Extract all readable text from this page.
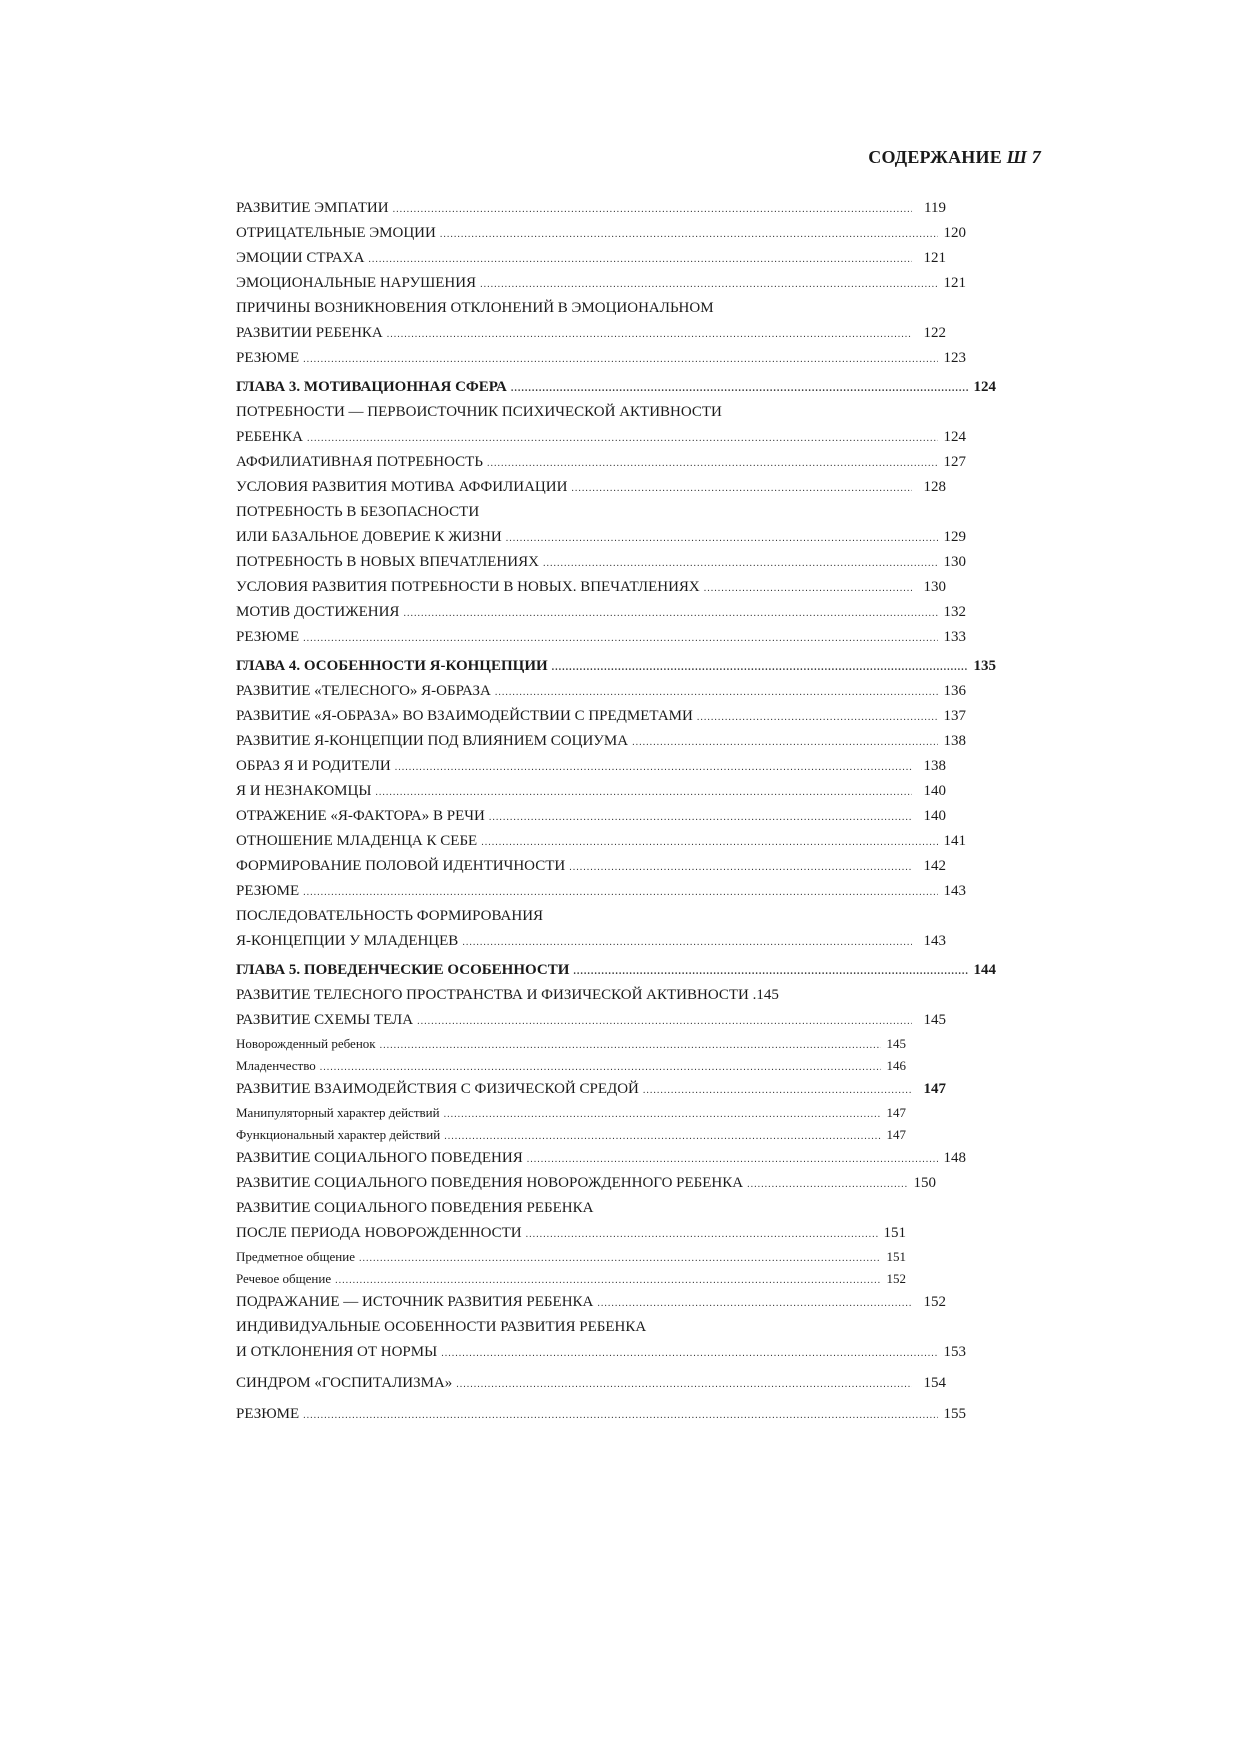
СОДЕРЖАНИЕ Ш 7
РАЗВИТИЕ ЭМПАТИИ .....	119
ОТРИЦАТЕЛЬНЫЕ ЭМОЦИИ .....	120
ЭМОЦИИ СТРАХА .....	121
ЭМОЦИОНАЛЬНЫЕ НАРУШЕНИЯ .....	121
ПРИЧИНЫ ВОЗНИКНОВЕНИЯ ОТКЛОНЕНИЙ В ЭМОЦИОНАЛЬНОМ
РАЗВИТИИ РЕБЕНКА .....	122
РЕЗЮМЕ .....	123
ГЛАВА 3. МОТИВАЦИОННАЯ СФЕРА .....	124
ПОТРЕБНОСТИ — ПЕРВОИСТОЧНИК ПСИХИЧЕСКОЙ АКТИВНОСТИ
РЕБЕНКА .....	124
АФФИЛИАТИВНАЯ ПОТРЕБНОСТЬ .....	127
УСЛОВИЯ РАЗВИТИЯ МОТИВА АФФИЛИАЦИИ .....	128
ПОТРЕБНОСТЬ В БЕЗОПАСНОСТИ
ИЛИ БАЗАЛЬНОЕ ДОВЕРИЕ К ЖИЗНИ .....	129
ПОТРЕБНОСТЬ В НОВЫХ ВПЕЧАТЛЕНИЯХ .....	130
УСЛОВИЯ РАЗВИТИЯ ПОТРЕБНОСТИ В НОВЫХ. ВПЕЧАТЛЕНИЯХ .....	130
МОТИВ ДОСТИЖЕНИЯ .....	132
РЕЗЮМЕ .....	133
ГЛАВА 4. ОСОБЕННОСТИ Я-КОНЦЕПЦИИ .....	135
РАЗВИТИЕ «ТЕЛЕСНОГО» Я-ОБРАЗА .....	136
РАЗВИТИЕ «Я-ОБРАЗА» ВО ВЗАИМОДЕЙСТВИИ С ПРЕДМЕТАМИ .....	137
РАЗВИТИЕ Я-КОНЦЕПЦИИ ПОД ВЛИЯНИЕМ СОЦИУМА .....	138
ОБРАЗ Я И РОДИТЕЛИ .....	138
Я И НЕЗНАКОМЦЫ .....	140
ОТРАЖЕНИЕ «Я-ФАКТОРА» В РЕЧИ .....	140
ОТНОШЕНИЕ МЛАДЕНЦА К СЕБЕ .....	141
ФОРМИРОВАНИЕ ПОЛОВОЙ ИДЕНТИЧНОСТИ .....	142
РЕЗЮМЕ .....	143
ПОСЛЕДОВАТЕЛЬНОСТЬ ФОРМИРОВАНИЯ
Я-КОНЦЕПЦИИ У МЛАДЕНЦЕВ .....	143
ГЛАВА 5. ПОВЕДЕНЧЕСКИЕ ОСОБЕННОСТИ .....	144
РАЗВИТИЕ ТЕЛЕСНОГО ПРОСТРАНСТВА И ФИЗИЧЕСКОЙ АКТИВНОСТИ .145
РАЗВИТИЕ СХЕМЫ ТЕЛА .....	145
Новорожденный ребенок .....	145
Младенчество .....	146
РАЗВИТИЕ ВЗАИМОДЕЙСТВИЯ С ФИЗИЧЕСКОЙ СРЕДОЙ .....	147
Манипуляторный характер действий .....	147
Функциональный характер действий .....	147
РАЗВИТИЕ СОЦИАЛЬНОГО ПОВЕДЕНИЯ .....	148
РАЗВИТИЕ СОЦИАЛЬНОГО ПОВЕДЕНИЯ НОВОРОЖДЕННОГО РЕБЕНКА .....	150
РАЗВИТИЕ СОЦИАЛЬНОГО ПОВЕДЕНИЯ РЕБЕНКА
ПОСЛЕ ПЕРИОДА НОВОРОЖДЕННОСТИ .....	151
Предметное общение .....	151
Речевое общение .....	152
ПОДРАЖАНИЕ — ИСТОЧНИК РАЗВИТИЯ РЕБЕНКА .....	152
ИНДИВИДУАЛЬНЫЕ ОСОБЕННОСТИ РАЗВИТИЯ РЕБЕНКА
И ОТКЛОНЕНИЯ ОТ НОРМЫ .....	153
СИНДРОМ «ГОСПИТАЛИЗМА» .....	154
РЕЗЮМЕ .....	155
